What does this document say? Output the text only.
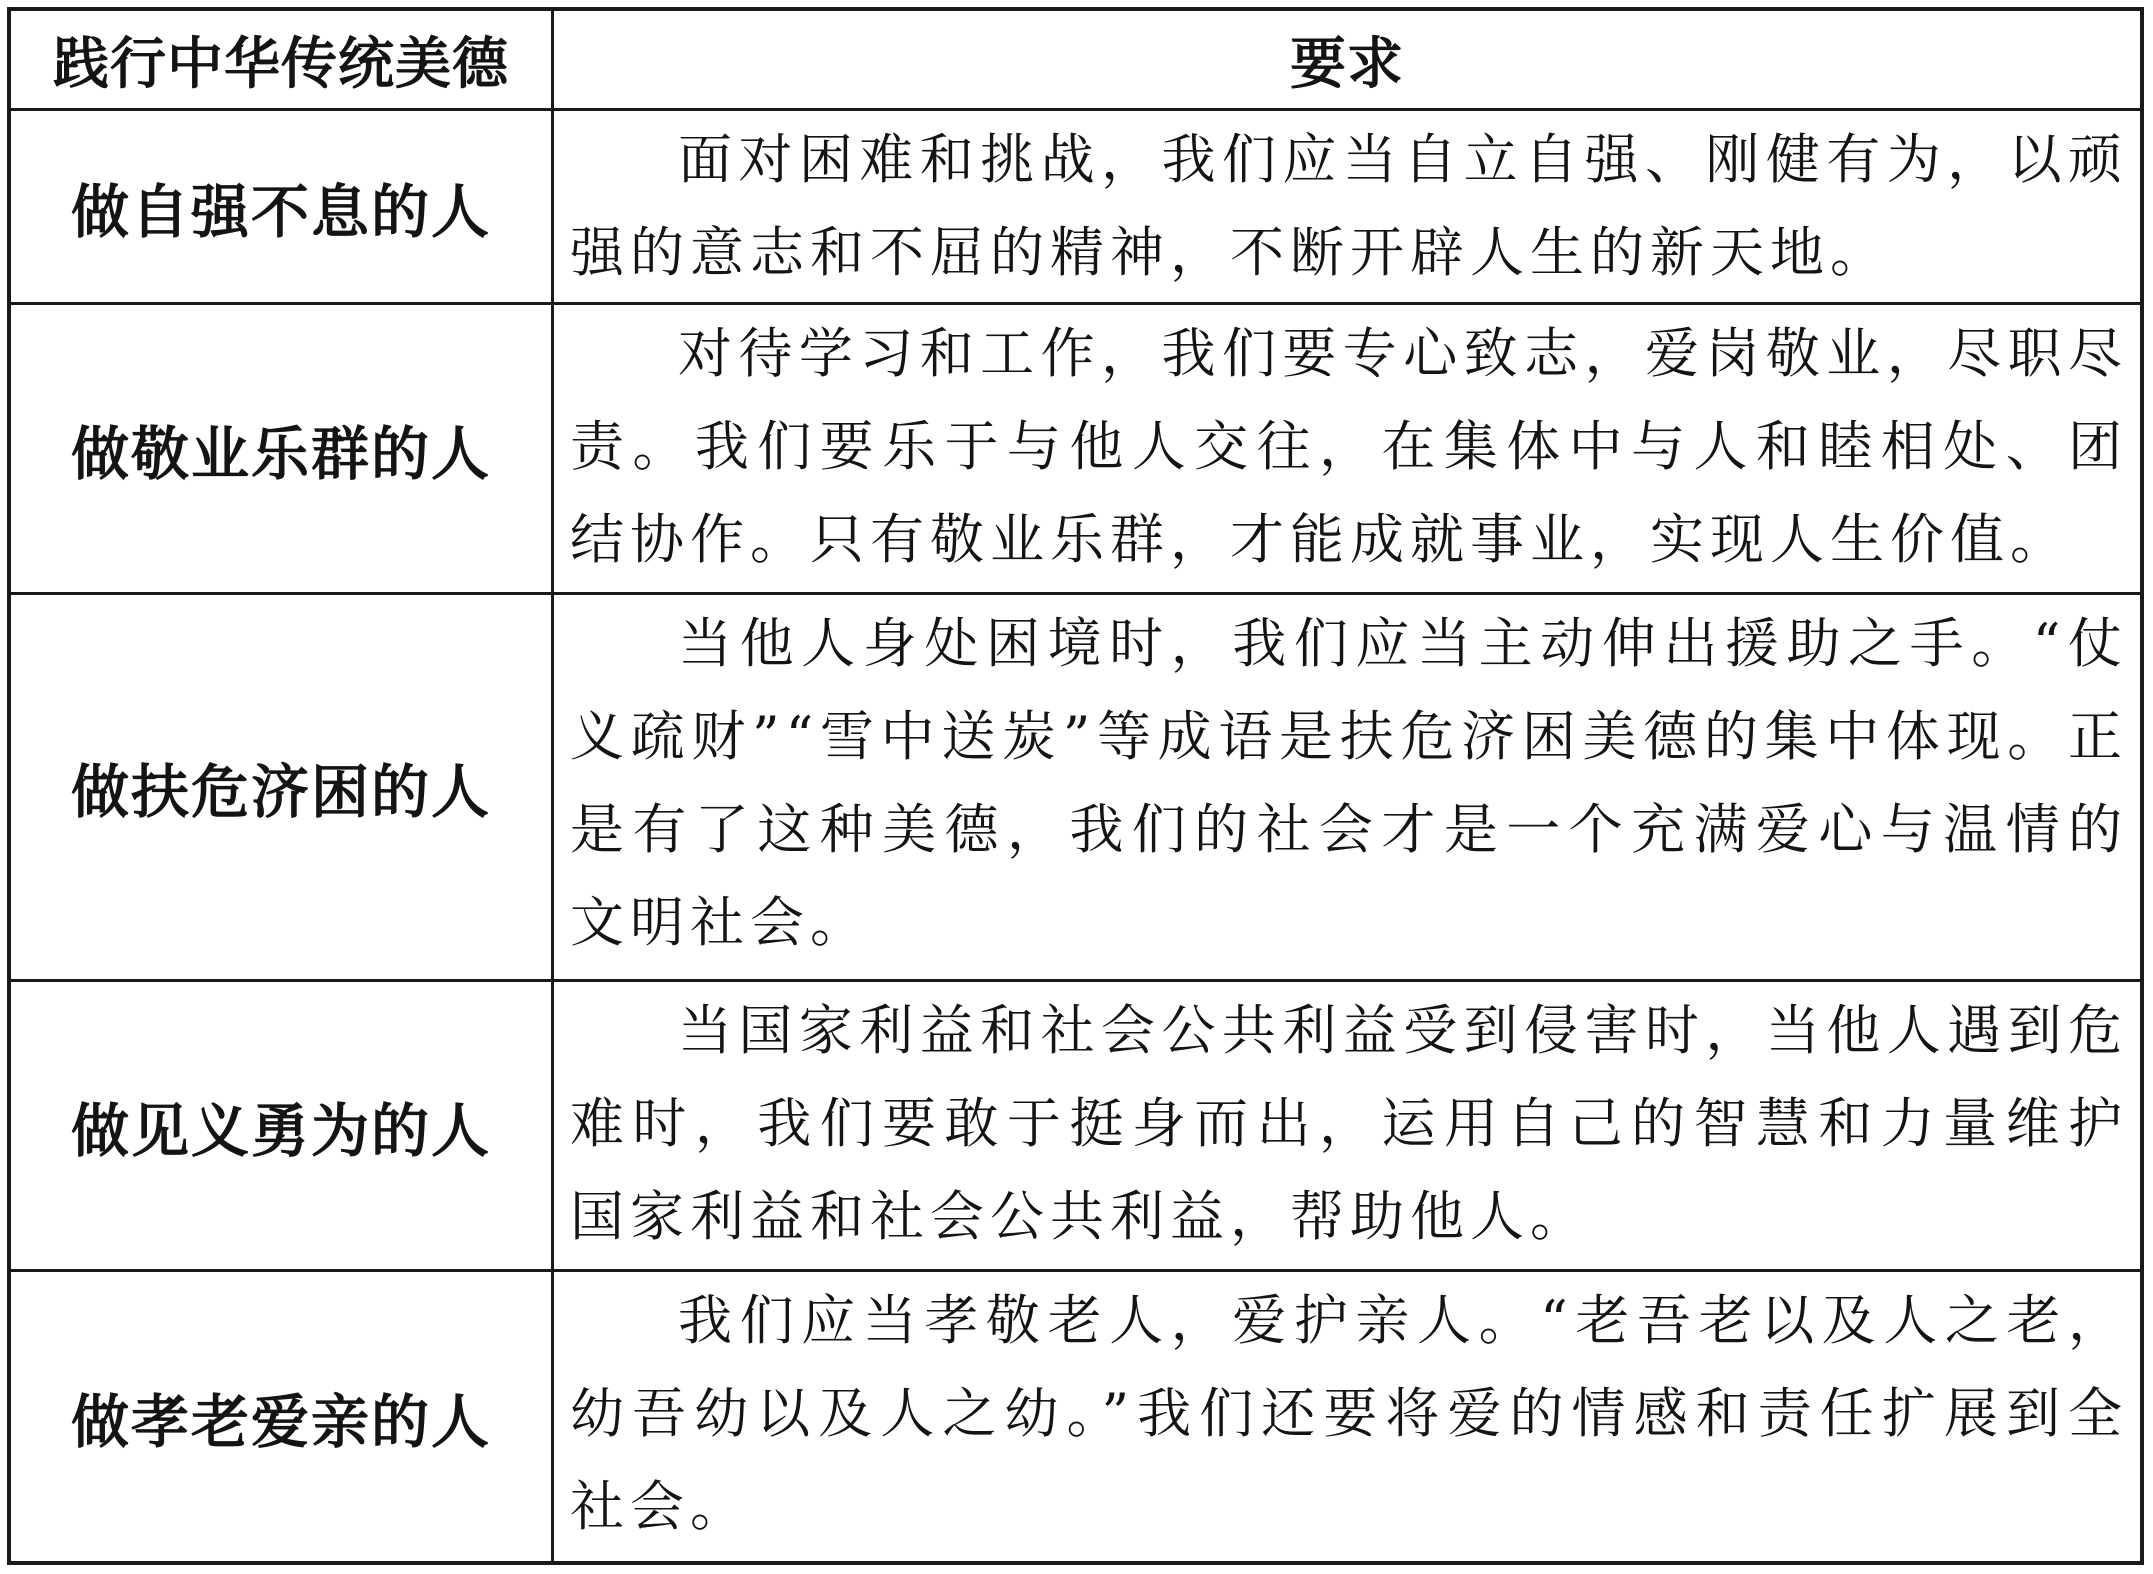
践行中华传统美德	要求
做自强不息的人
面对困难和挑战，我们应当自立自强、刚健有为，以顽强的意志和不屈的精神，不断开辟人生的新天地。
做敬业乐群的人
对待学习和工作，我们要专心致志，爱岗敬业，尽职尽责。我们要乐于与他人交往，在集体中与人和睦相处、团结协作。只有敬业乐群，才能成就事业，实现人生价值。
做扶危济困的人
当他人身处困境时，我们应当主动伸出援助之手。“仗义疏财”“雪中送炭”等成语是扶危济困美德的集中体现。正是有了这种美德，我们的社会才是一个充满爱心与温情的文明社会。
做见义勇为的人
当国家利益和社会公共利益受到侵害时，当他人遇到危难时，我们要敢于挺身而出，运用自己的智慧和力量维护国家利益和社会公共利益，帮助他人。
做孝老爱亲的人
我们应当孝敬老人，爱护亲人。“老吾老以及人之老，幼吾幼以及人之幼。”我们还要将爱的情感和责任扩展到全社会。
